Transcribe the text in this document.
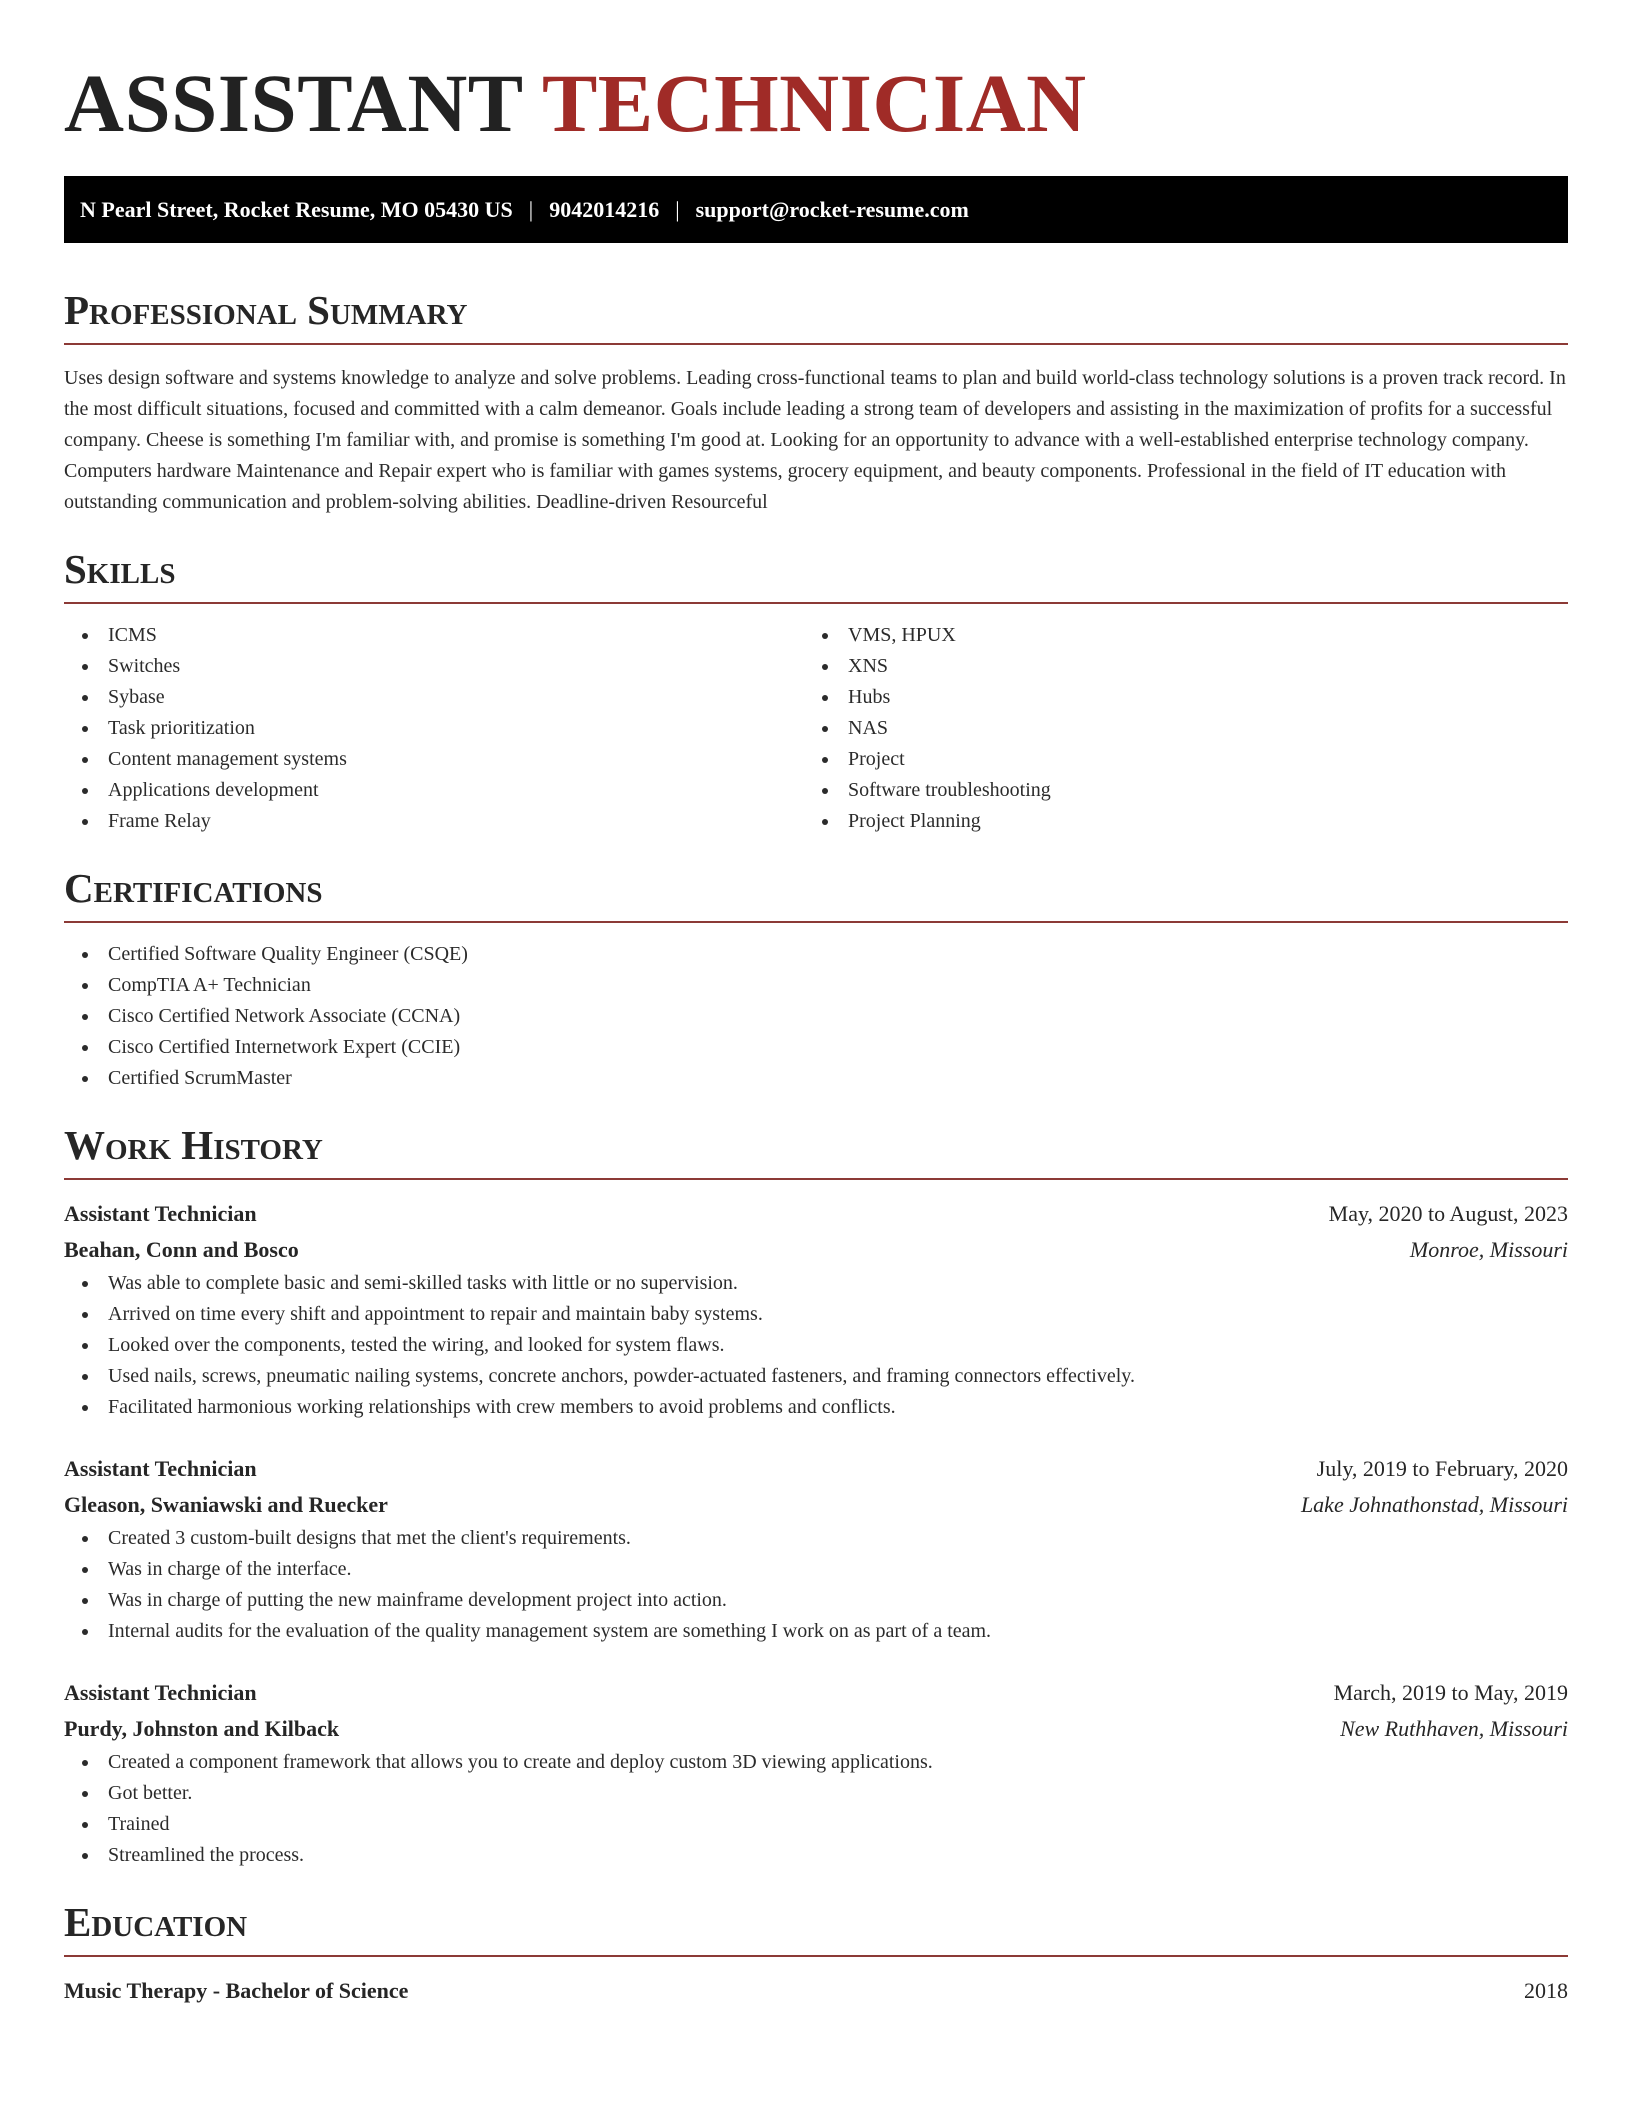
ASSISTANT TECHNICIAN
N Pearl Street, Rocket Resume, MO 05430 US | 9042014216 | support@rocket-resume.com
Professional Summary

Uses design software and systems knowledge to analyze and solve problems. Leading cross-functional teams to plan and build world-class technology solutions is a proven track record. In the most difficult situations, focused and committed with a calm demeanor. Goals include leading a strong team of developers and assisting in the maximization of profits for a successful company. Cheese is something I'm familiar with, and promise is something I'm good at. Looking for an opportunity to advance with a well-established enterprise technology company. Computers hardware Maintenance and Repair expert who is familiar with games systems, grocery equipment, and beauty components. Professional in the field of IT education with outstanding communication and problem-solving abilities. Deadline-driven Resourceful

Skills
ICMS
Switches
Sybase
Task prioritization
Content management systems
Applications development
Frame Relay
VMS, HPUX
XNS
Hubs
NAS
Project
Software troubleshooting
Project Planning
Certifications
Certified Software Quality Engineer (CSQE)
CompTIA A+ Technician
Cisco Certified Network Associate (CCNA)
Cisco Certified Internetwork Expert (CCIE)
Certified ScrumMaster
Work History
Assistant Technician	May, 2020 to August, 2023
Beahan, Conn and Bosco	Monroe, Missouri
Was able to complete basic and semi-skilled tasks with little or no supervision.
Arrived on time every shift and appointment to repair and maintain baby systems.
Looked over the components, tested the wiring, and looked for system flaws.
Used nails, screws, pneumatic nailing systems, concrete anchors, powder-actuated fasteners, and framing connectors effectively.
Facilitated harmonious working relationships with crew members to avoid problems and conflicts.
Assistant Technician	July, 2019 to February, 2020
Gleason, Swaniawski and Ruecker	Lake Johnathonstad, Missouri
Created 3 custom-built designs that met the client's requirements.
Was in charge of the interface.
Was in charge of putting the new mainframe development project into action.
Internal audits for the evaluation of the quality management system are something I work on as part of a team.
Assistant Technician	March, 2019 to May, 2019
Purdy, Johnston and Kilback	New Ruthhaven, Missouri
Created a component framework that allows you to create and deploy custom 3D viewing applications.
Got better.
Trained
Streamlined the process.
Education
Music Therapy - Bachelor of Science	2018
